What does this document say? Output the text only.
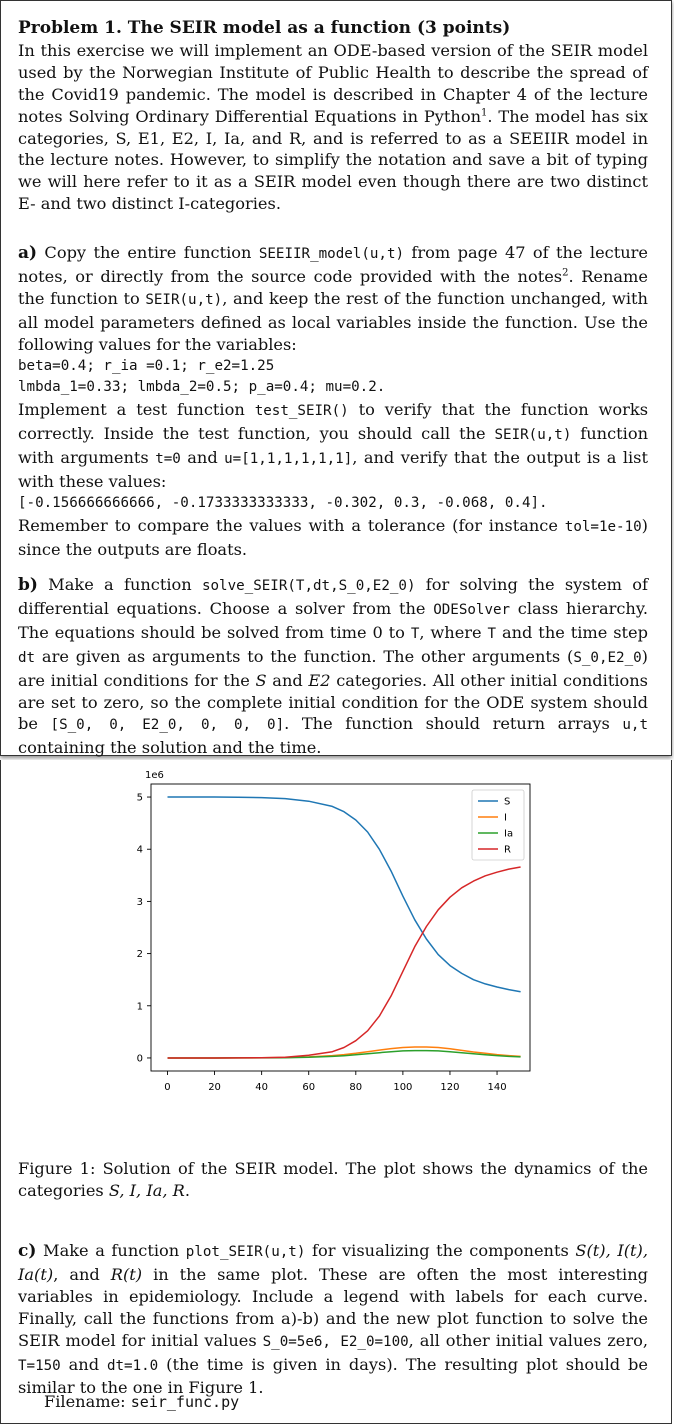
Problem 1. The SEIR model as a function (3 points)
In this exercise we will implement an ODE-based version of the SEIR model used by the Norwegian Institute of Public Health to describe the spread of the Covid19 pandemic. The model is described in Chapter 4 of the lecture notes Solving Ordinary Differential Equations in Python$^1$. The model has six categories, S, E1, E2, I, Ia, and R, and is referred to as a SEEIIR model in the lecture notes. However, to simplify the notation and save a bit of typing we will here refer to it as a SEIR model even though there are two distinct E- and two distinct I-categories.

a) Copy the entire function SEEIIR_model(u,t) from page 47 of the lecture notes, or directly from the source code provided with the notes$^2$. Rename the function to SEIR(u,t), and keep the rest of the function unchanged, with all model parameters defined as local variables inside the function. Use the following values for the variables:
beta=0.4; r_ia =0.1; r_e2=1.25
lmbda_1=0.33; lmbda_2=0.5; p_a=0.4; mu=0.2.
Implement a test function test_SEIR() to verify that the function works correctly. Inside the test function, you should call the SEIR(u,t) function with arguments t=0 and u=[1,1,1,1,1,1], and verify that the output is a list with these values:
[-0.156666666666, -0.1733333333333, -0.302, 0.3, -0.068, 0.4].
Remember to compare the values with a tolerance (for instance tol=1e-10) since the outputs are floats.

b) Make a function solve_SEIR(T,dt,S_0,E2_0) for solving the system of differential equations. Choose a solver from the ODESolver class hierarchy. The equations should be solved from time 0 to T, where T and the time step dt are given as arguments to the function. The other arguments (S_0,E2_0) are initial conditions for the S and E2 categories. All other initial conditions are set to zero, so the complete initial condition for the ODE system should be [S_0, 0, E2_0, 0, 0, 0]. The function should return arrays u,t containing the solution and the time.

0	20	40	60	80	100	120	140
0
1
2
3
4
5
1e6
S
I
Ia
R

Figure 1: Solution of the SEIR model. The plot shows the dynamics of the categories S, I, Ia, R.

c) Make a function plot_SEIR(u,t) for visualizing the components S(t), I(t), Ia(t), and R(t) in the same plot. These are often the most interesting variables in epidemiology. Include a legend with labels for each curve. Finally, call the functions from a)-b) and the new plot function to solve the SEIR model for initial values S_0=5e6, E2_0=100, all other initial values zero, T=150 and dt=1.0 (the time is given in days). The resulting plot should be similar to the one in Figure 1.

Filename: seir_func.py
